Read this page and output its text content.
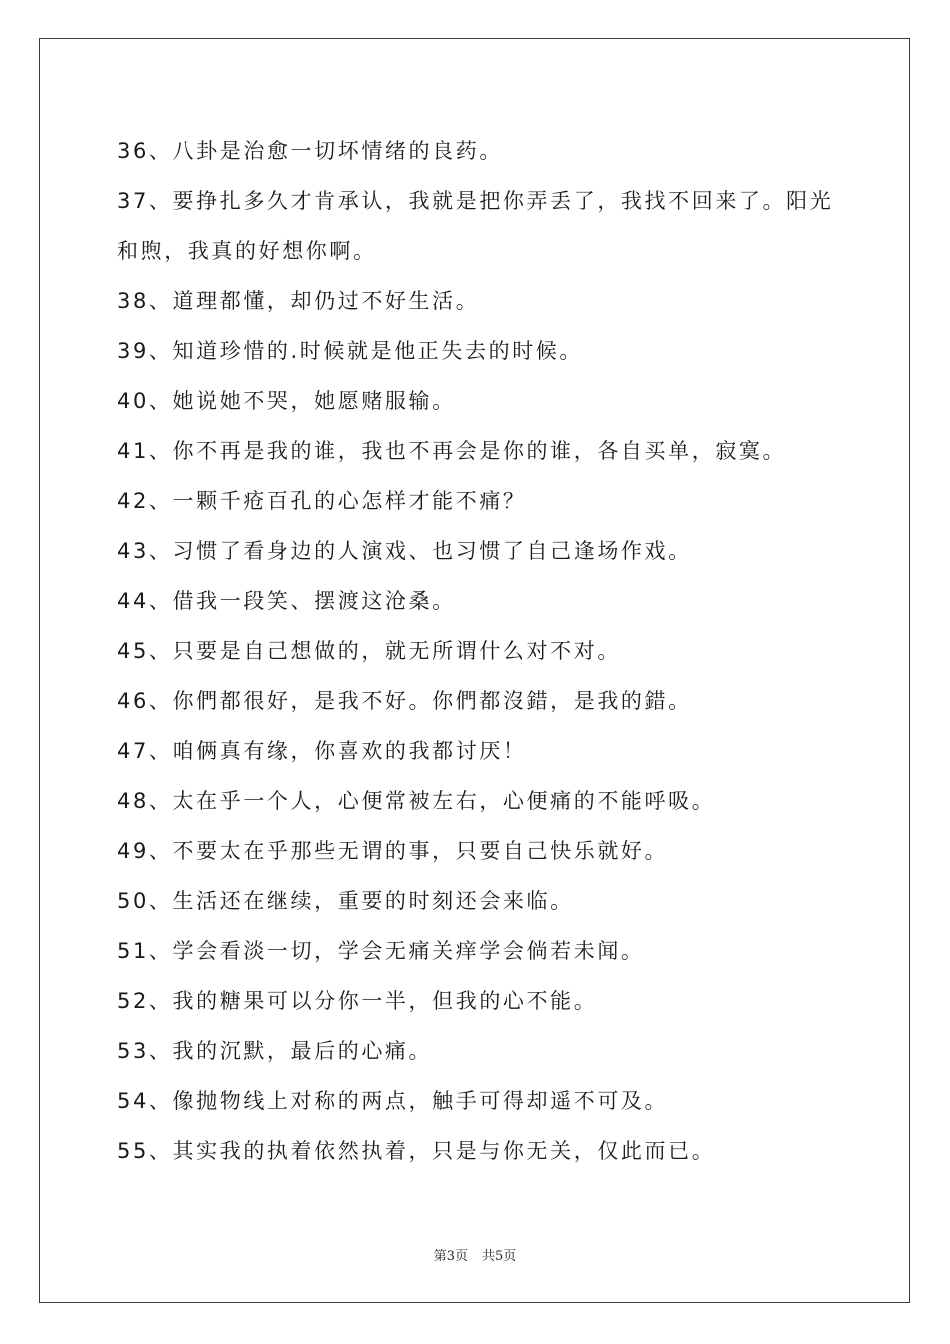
36、八卦是治愈一切坏情绪的良药。
37、要挣扎多久才肯承认，我就是把你弄丢了，我找不回来了。阳光
和煦，我真的好想你啊。
38、道理都懂，却仍过不好生活。
39、知道珍惜的.时候就是他正失去的时候。
40、她说她不哭，她愿赌服输。
41、你不再是我的谁，我也不再会是你的谁，各自买单，寂寞。
42、一颗千疮百孔的心怎样才能不痛？
43、习惯了看身边的人演戏、也习惯了自己逢场作戏。
44、借我一段笑、摆渡这沧桑。
45、只要是自己想做的，就无所谓什么对不对。
46、你們都很好，是我不好。你們都沒錯，是我的錯。
47、咱俩真有缘，你喜欢的我都讨厌！
48、太在乎一个人，心便常被左右，心便痛的不能呼吸。
49、不要太在乎那些无谓的事，只要自己快乐就好。
50、生活还在继续，重要的时刻还会来临。
51、学会看淡一切，学会无痛关痒学会倘若未闻。
52、我的糖果可以分你一半，但我的心不能。
53、我的沉默，最后的心痛。
54、像抛物线上对称的两点，触手可得却遥不可及。
55、其实我的执着依然执着，只是与你无关，仅此而已。
第3页 共5页
